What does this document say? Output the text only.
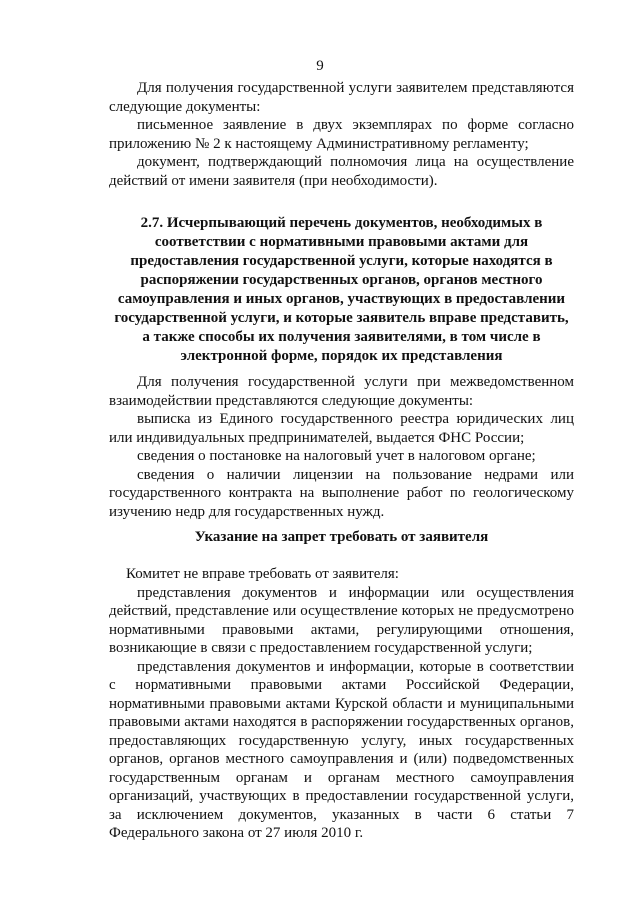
9

Для получения государственной услуги заявителем представляются следующие документы:

письменное заявление в двух экземплярах по форме согласно приложению № 2 к настоящему Административному регламенту;

документ, подтверждающий полномочия лица на осуществление действий от имени заявителя (при необходимости).

2.7. Исчерпывающий перечень документов, необходимых в соответствии с нормативными правовыми актами для предоставления государственной услуги, которые находятся в распоряжении государственных органов, органов местного самоуправления и иных органов, участвующих в предоставлении государственной услуги, и которые заявитель вправе представить, а также способы их получения заявителями, в том числе в электронной форме, порядок их представления

Для получения государственной услуги при межведомственном взаимодействии представляются следующие документы:

выписка из Единого государственного реестра юридических лиц или индивидуальных предпринимателей, выдается ФНС России;

сведения о постановке на налоговый учет в налоговом органе;

сведения о наличии лицензии на пользование недрами или государственного контракта на выполнение работ по геологическому изучению недр для государственных нужд.

Указание на запрет требовать от заявителя

Комитет не вправе требовать от заявителя:

представления документов и информации или осуществления действий, представление или осуществление которых не предусмотрено нормативными правовыми актами, регулирующими отношения, возникающие в связи с предоставлением государственной услуги;

представления документов и информации, которые в соответствии с нормативными правовыми актами Российской Федерации, нормативными правовыми актами Курской области и муниципальными правовыми актами находятся в распоряжении государственных органов, предоставляющих государственную услугу, иных государственных органов, органов местного самоуправления и (или) подведомственных государственным органам и органам местного самоуправления организаций, участвующих в предоставлении государственной услуги, за исключением документов, указанных в части 6 статьи 7 Федерального закона от 27 июля 2010 г.
